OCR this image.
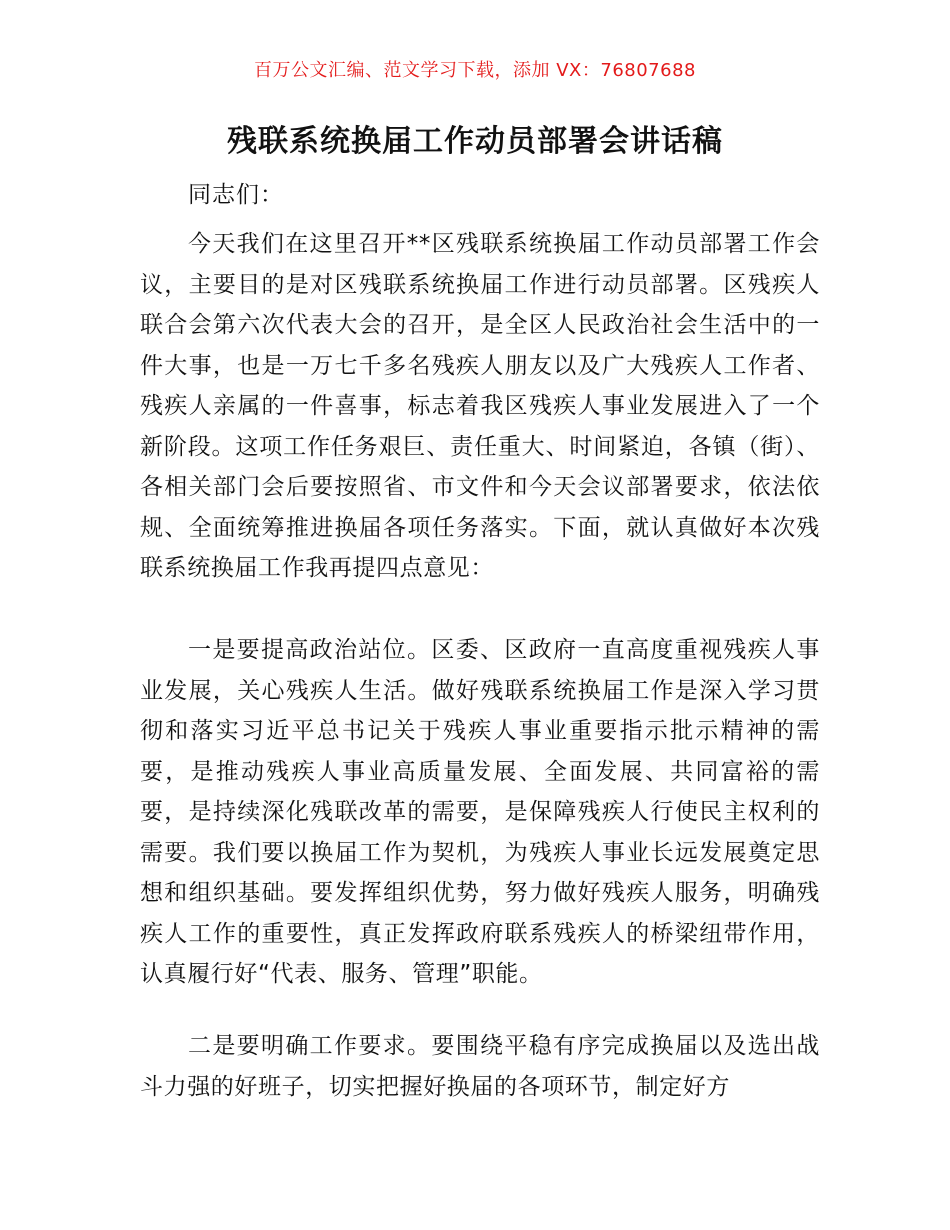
百万公文汇编、范文学习下载，添加 VX：76807688
残联系统换届工作动员部署会讲话稿
同志们：

今天我们在这里召开**区残联系统换届工作动员部署工作会议，主要目的是对区残联系统换届工作进行动员部署。区残疾人联合会第六次代表大会的召开，是全区人民政治社会生活中的一件大事，也是一万七千多名残疾人朋友以及广大残疾人工作者、残疾人亲属的一件喜事，标志着我区残疾人事业发展进入了一个新阶段。这项工作任务艰巨、责任重大、时间紧迫，各镇（街）、各相关部门会后要按照省、市文件和今天会议部署要求，依法依规、全面统筹推进换届各项任务落实。下面，就认真做好本次残联系统换届工作我再提四点意见：

一是要提高政治站位。区委、区政府一直高度重视残疾人事业发展，关心残疾人生活。做好残联系统换届工作是深入学习贯彻和落实习近平总书记关于残疾人事业重要指示批示精神的需要，是推动残疾人事业高质量发展、全面发展、共同富裕的需要，是持续深化残联改革的需要，是保障残疾人行使民主权利的需要。我们要以换届工作为契机，为残疾人事业长远发展奠定思想和组织基础。要发挥组织优势，努力做好残疾人服务，明确残疾人工作的重要性，真正发挥政府联系残疾人的桥梁纽带作用，认真履行好“代表、服务、管理”职能。

二是要明确工作要求。要围绕平稳有序完成换届以及选出战斗力强的好班子，切实把握好换届的各项环节，制定好方
